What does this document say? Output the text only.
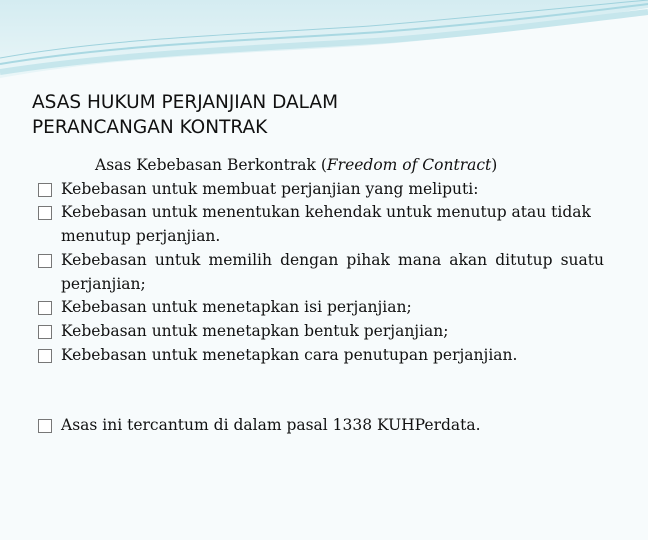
ASAS HUKUM PERJANJIAN DALAM
PERANCANGAN KONTRAK
Asas Kebebasan Berkontrak (Freedom of Contract)
Kebebasan untuk membuat perjanjian yang meliputi:
Kebebasan untuk menentukan kehendak untuk menutup atau tidak menutup perjanjian.
Kebebasan untuk memilih dengan pihak mana akan ditutup suatu perjanjian;
Kebebasan untuk menetapkan isi perjanjian;
Kebebasan untuk menetapkan bentuk perjanjian;
Kebebasan untuk menetapkan cara penutupan perjanjian.
Asas ini tercantum di dalam pasal 1338 KUHPerdata.
